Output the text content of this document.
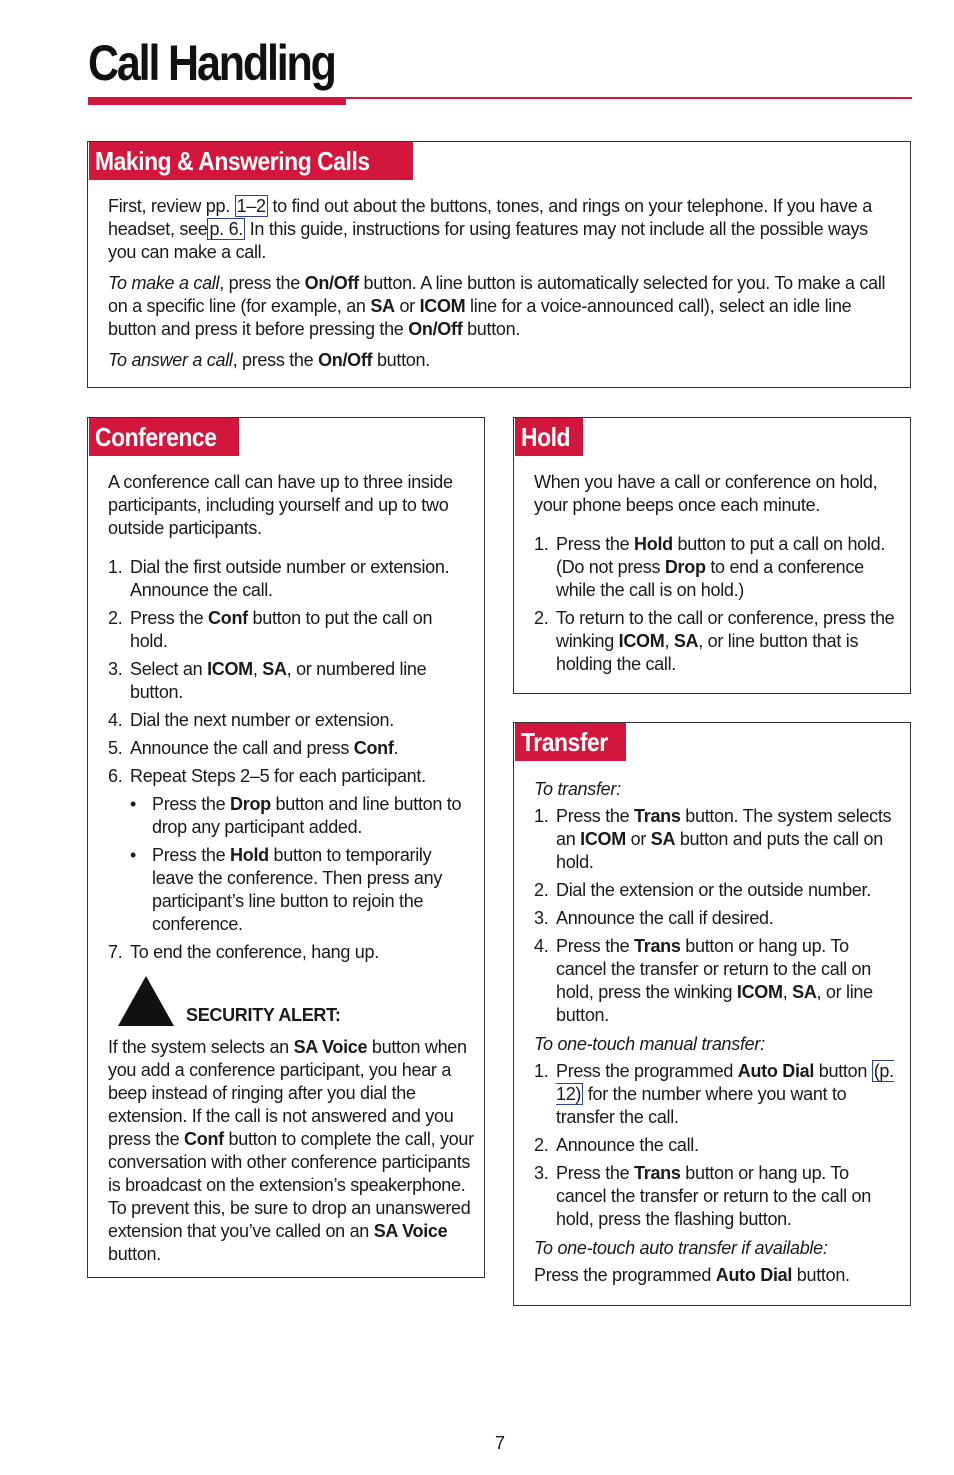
Call Handling
Making & Answering Calls

First, review pp. 1–2 to find out about the buttons, tones, and rings on your telephone. If you have a headset, see p. 6. In this guide, instructions for using features may not include all the possible ways you can make a call.

To make a call, press the On/Off button. A line button is automatically selected for you. To make a call on a specific line (for example, an SA or ICOM line for a voice-announced call), select an idle line button and press it before pressing the On/Off button.

To answer a call, press the On/Off button.

Conference

A conference call can have up to three inside participants, including yourself and up to two outside participants.

1. Dial the first outside number or extension. Announce the call.
2. Press the Conf button to put the call on hold.
3. Select an ICOM, SA, or numbered line button.
4. Dial the next number or extension.
5. Announce the call and press Conf.
6. Repeat Steps 2–5 for each participant.
• Press the Drop button and line button to drop any participant added.
• Press the Hold button to temporarily leave the conference. Then press any participant’s line button to rejoin the conference.
7. To end the conference, hang up.
SECURITY ALERT:

If the system selects an SA Voice button when you add a conference participant, you hear a beep instead of ringing after you dial the extension. If the call is not answered and you press the Conf button to complete the call, your conversation with other conference participants is broadcast on the extension’s speakerphone. To prevent this, be sure to drop an unanswered extension that you’ve called on an SA Voice button.

Hold

When you have a call or conference on hold, your phone beeps once each minute.

1. Press the Hold button to put a call on hold. (Do not press Drop to end a conference while the call is on hold.)
2. To return to the call or conference, press the winking ICOM, SA, or line button that is holding the call.
Transfer

To transfer:

1. Press the Trans button. The system selects an ICOM or SA button and puts the call on hold.
2. Dial the extension or the outside number.
3. Announce the call if desired.
4. Press the Trans button or hang up. To cancel the transfer or return to the call on hold, press the winking ICOM, SA, or line button.

To one-touch manual transfer:

1. Press the programmed Auto Dial button (p. 12) for the number where you want to transfer the call.
2. Announce the call.
3. Press the Trans button or hang up. To cancel the transfer or return to the call on hold, press the flashing button.

To one-touch auto transfer if available:

Press the programmed Auto Dial button.

7
